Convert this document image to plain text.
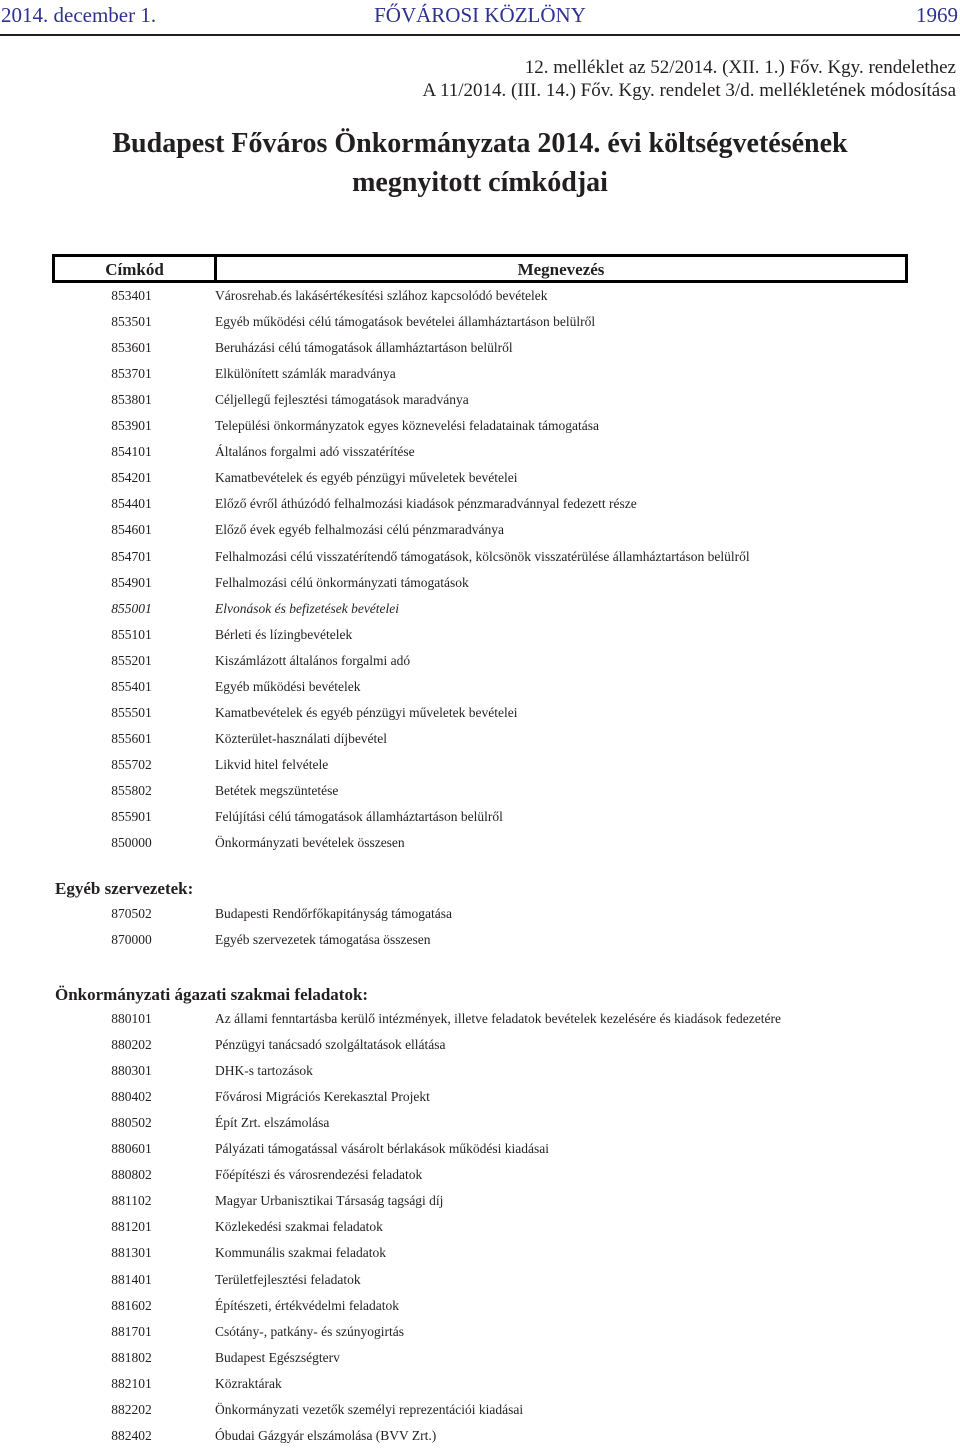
2014. december 1.	FŐVÁROSI KÖZLÖNY	1969
12. melléklet az 52/2014. (XII. 1.) Főv. Kgy. rendelethez
A 11/2014. (III. 14.) Főv. Kgy. rendelet 3/d. mellékletének módosítása
Budapest Főváros Önkormányzata 2014. évi költségvetésének
megnyitott címkódjai
Címkód	Megnevezés
853401	Városrehab.és lakásértékesítési szlához kapcsolódó bevételek
853501	Egyéb működési célú támogatások bevételei államháztartáson belülről
853601	Beruházási célú támogatások államháztartáson belülről
853701	Elkülönített számlák maradványa
853801	Céljellegű fejlesztési támogatások maradványa
853901	Települési önkormányzatok egyes köznevelési feladatainak támogatása
854101	Általános forgalmi adó visszatérítése
854201	Kamatbevételek és egyéb pénzügyi műveletek bevételei
854401	Előző évről áthúzódó felhalmozási kiadások pénzmaradvánnyal fedezett része
854601	Előző évek egyéb felhalmozási célú pénzmaradványa
854701	Felhalmozási célú visszatérítendő támogatások, kölcsönök visszatérülése államháztartáson belülről
854901	Felhalmozási célú önkormányzati támogatások
855001	Elvonások és befizetések bevételei
855101	Bérleti és lízingbevételek
855201	Kiszámlázott általános forgalmi adó
855401	Egyéb működési bevételek
855501	Kamatbevételek és egyéb pénzügyi műveletek bevételei
855601	Közterület-használati díjbevétel
855702	Likvid hitel felvétele
855802	Betétek megszüntetése
855901	Felújítási célú támogatások államháztartáson belülről
850000	Önkormányzati bevételek összesen
Egyéb szervezetek:
870502	Budapesti Rendőrfőkapitányság támogatása
870000	Egyéb szervezetek támogatása összesen
Önkormányzati ágazati szakmai feladatok:
880101	Az állami fenntartásba kerülő intézmények, illetve feladatok bevételek kezelésére és kiadások fedezetére
880202	Pénzügyi tanácsadó szolgáltatások ellátása
880301	DHK-s tartozások
880402	Fővárosi Migrációs Kerekasztal Projekt
880502	Épít Zrt. elszámolása
880601	Pályázati támogatással vásárolt bérlakások működési kiadásai
880802	Főépítészi és városrendezési feladatok
881102	Magyar Urbanisztikai Társaság tagsági díj
881201	Közlekedési szakmai feladatok
881301	Kommunális szakmai feladatok
881401	Területfejlesztési feladatok
881602	Építészeti, értékvédelmi feladatok
881701	Csótány-, patkány- és szúnyogirtás
881802	Budapest Egészségterv
882101	Közraktárak
882202	Önkormányzati vezetők személyi reprezentációi kiadásai
882402	Óbudai Gázgyár elszámolása (BVV Zrt.)
